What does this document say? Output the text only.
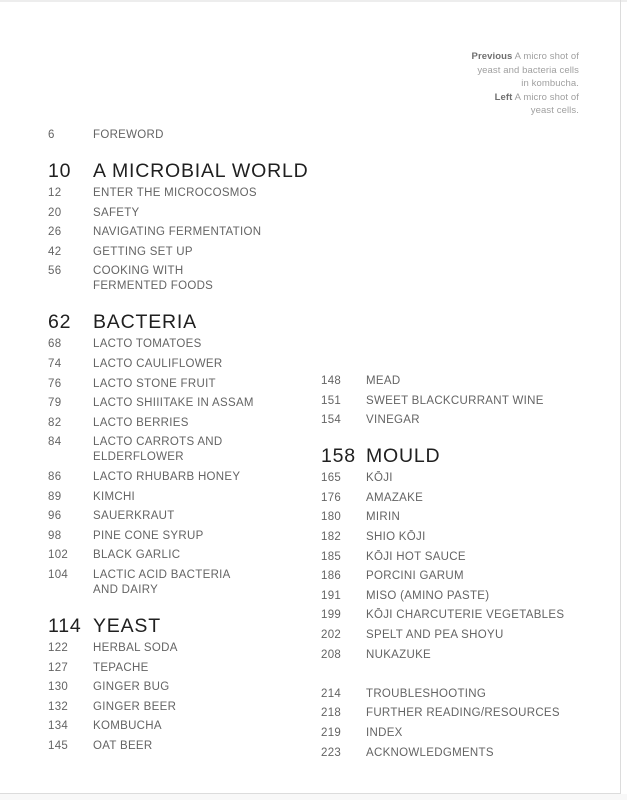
Previous A micro shot of
yeast and bacteria cells
in kombucha.
Left A micro shot of
yeast cells.
6	FOREWORD
10	A MICROBIAL WORLD
12	ENTER THE MICROCOSMOS
20	SAFETY
26	NAVIGATING FERMENTATION
42	GETTING SET UP
56	COOKING WITH
FERMENTED FOODS
62	BACTERIA
68	LACTO TOMATOES
74	LACTO CAULIFLOWER
76	LACTO STONE FRUIT
79	LACTO SHIIITAKE IN ASSAM
82	LACTO BERRIES
84	LACTO CARROTS AND
ELDERFLOWER
86	LACTO RHUBARB HONEY
89	KIMCHI
96	SAUERKRAUT
98	PINE CONE SYRUP
102	BLACK GARLIC
104	LACTIC ACID BACTERIA
AND DAIRY
114 YEAST
122	HERBAL SODA
127	TEPACHE
130	GINGER BUG
132	GINGER BEER
134	KOMBUCHA
145	OAT BEER
148	MEAD
151	SWEET BLACKCURRANT WINE
154	VINEGAR
158 MOULD
165	KŌJI
176	AMAZAKE
180	MIRIN
182	SHIO KŌJI
185	KŌJI HOT SAUCE
186	PORCINI GARUM
191	MISO (AMINO PASTE)
199	KŌJI CHARCUTERIE VEGETABLES
202	SPELT AND PEA SHOYU
208	NUKAZUKE
214	TROUBLESHOOTING
218	FURTHER READING/RESOURCES
219	INDEX
223	ACKNOWLEDGMENTS
